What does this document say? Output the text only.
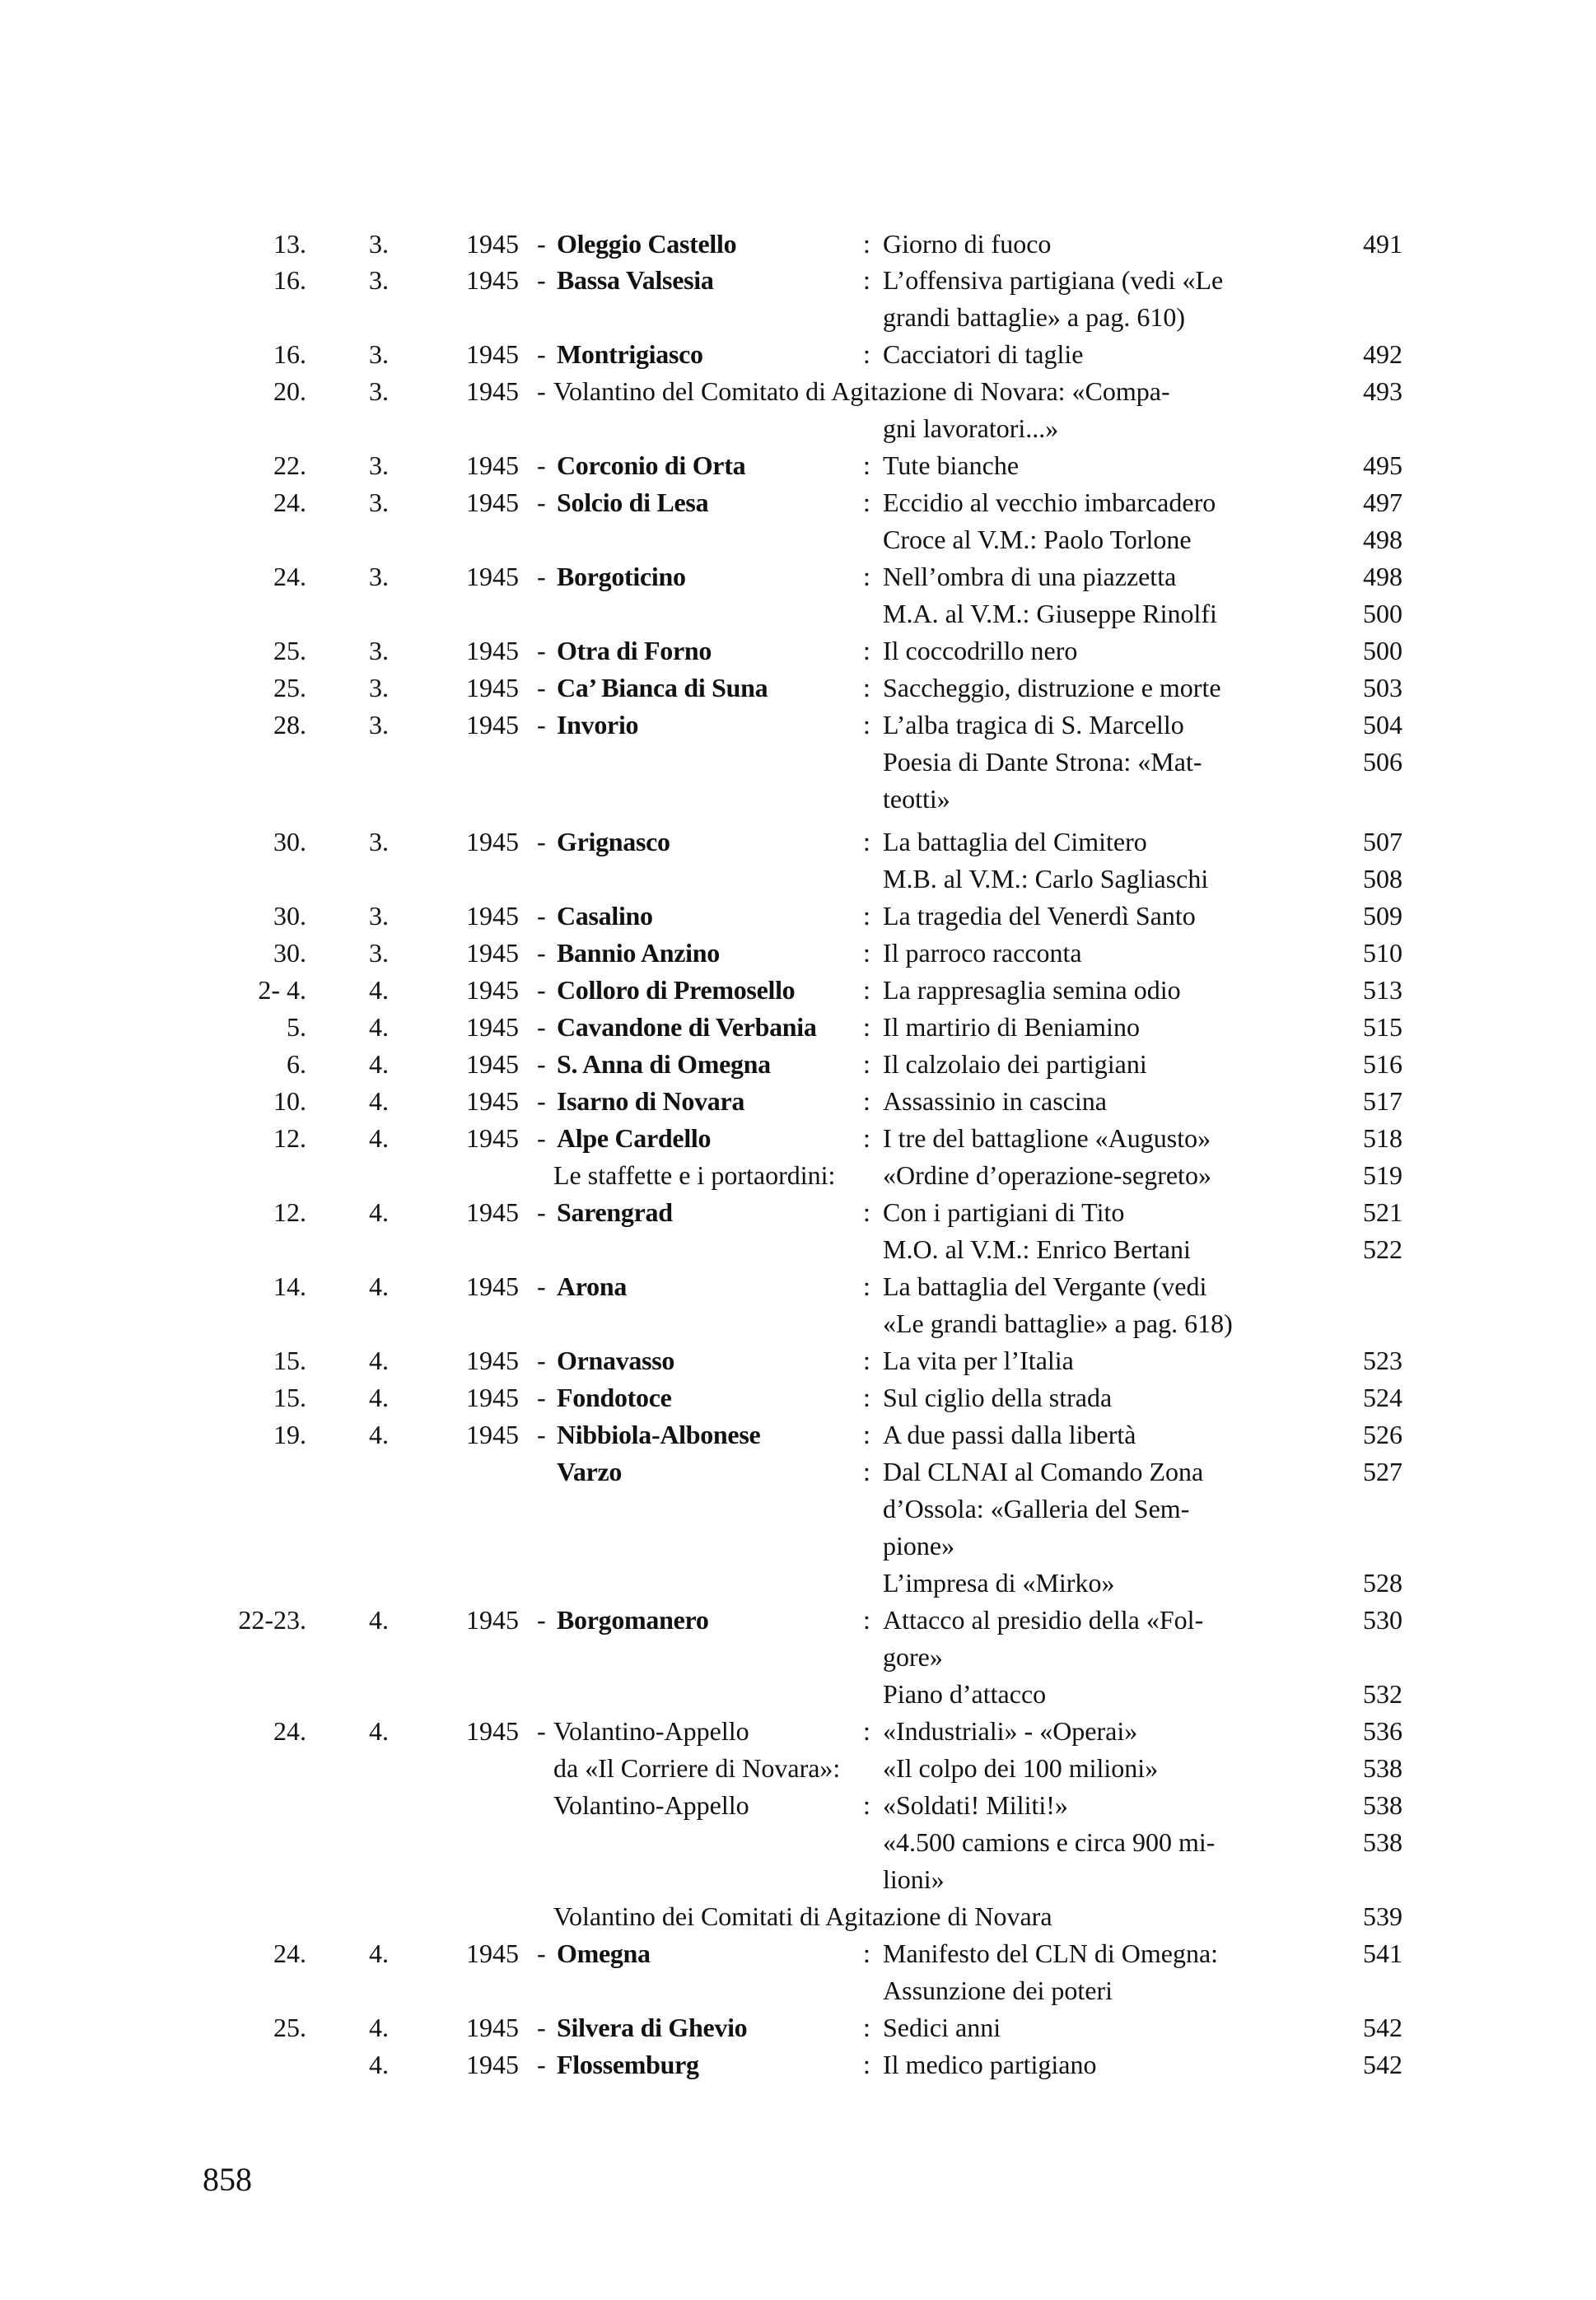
13. 3.	1945 - Oleggio Castello	: Giorno di fuoco	491
16. 3.	1945 - Bassa Valsesia	: L’offensiva partigiana (vedi «Le
grandi battaglie» a pag. 610)
16. 3.	1945 - Montrigiasco	: Cacciatori di taglie	492
20. 3.	1945 - Volantino del Comitato di Agitazione di Novara: «Compa-	493
gni lavoratori...»
22. 3.	1945 - Corconio di Orta	: Tute bianche	495
24. 3.	1945 - Solcio di Lesa	: Eccidio al vecchio imbarcadero	497
Croce al V.M.: Paolo Torlone	498
24. 3.	1945 - Borgoticino	: Nell’ombra di una piazzetta	498
M.A. al V.M.: Giuseppe Rinolfi	500
25. 3.	1945 - Otra di Forno	: Il coccodrillo nero	500
25. 3.	1945 - Ca’ Bianca di Suna	: Saccheggio, distruzione e morte	503
28. 3.	1945 - Invorio	: L’alba tragica di S. Marcello	504
Poesia di Dante Strona: «Mat-	506
teotti»
30. 3.	1945 - Grignasco	: La battaglia del Cimitero	507
M.B. al V.M.: Carlo Sagliaschi	508
30. 3.	1945 - Casalino	: La tragedia del Venerdì Santo	509
30. 3.	1945 - Bannio Anzino	: Il parroco racconta	510
2- 4. 4.	1945 - Colloro di Premosello	: La rappresaglia semina odio	513
5. 4.	1945 - Cavandone di Verbania : Il martirio di Beniamino	515
6. 4.	1945 - S. Anna di Omegna	: Il calzolaio dei partigiani	516
10. 4.	1945 - Isarno di Novara	: Assassinio in cascina	517
12. 4.	1945 - Alpe Cardello	: I tre del battaglione «Augusto»	518
Le staffette e i portaordini: «Ordine d’operazione-segreto»	519
12. 4.	1945 - Sarengrad	: Con i partigiani di Tito	521
M.O. al V.M.: Enrico Bertani	522
14. 4.	1945 - Arona	: La battaglia del Vergante (vedi
«Le grandi battaglie» a pag. 618)
15. 4.	1945 - Ornavasso	: La vita per l’Italia	523
15. 4.	1945 - Fondotoce	: Sul ciglio della strada	524
19. 4.	1945 - Nibbiola-Albonese	: A due passi dalla libertà	526
Varzo	: Dal CLNAI al Comando Zona	527
d’Ossola: «Galleria del Sem-
pione»
L’impresa di «Mirko»	528
22-23. 4.	1945 - Borgomanero	: Attacco al presidio della «Fol-	530
gore»
Piano d’attacco	532
24. 4.	1945 - Volantino-Appello	: «Industriali» - «Operai»	536
da «Il Corriere di Novara»: «Il colpo dei 100 milioni»	538
Volantino-Appello	: «Soldati! Militi!»	538
«4.500 camions e circa 900 mi-	538
lioni»
Volantino dei Comitati di Agitazione di Novara	539
24. 4.	1945 - Omegna	: Manifesto del CLN di Omegna:	541
Assunzione dei poteri
25. 4.	1945 - Silvera di Ghevio	: Sedici anni	542
4.	1945 - Flossemburg	: Il medico partigiano	542
858
